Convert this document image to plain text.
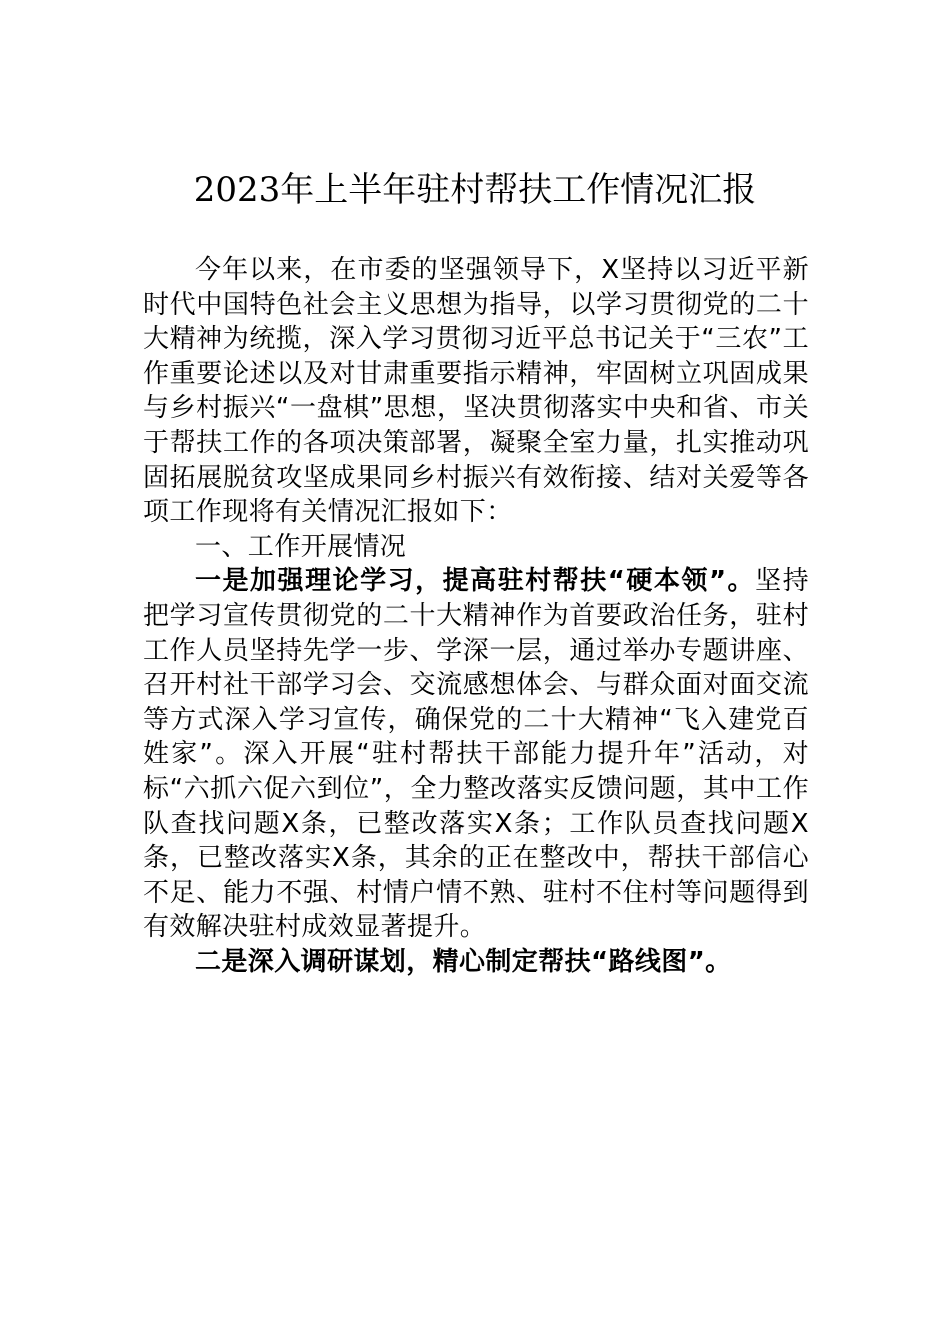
2023年上半年驻村帮扶工作情况汇报

今年以来，在市委的坚强领导下，X坚持以习近平新时代中国特色社会主义思想为指导，以学习贯彻党的二十大精神为统揽，深入学习贯彻习近平总书记关于“三农”工作重要论述以及对甘肃重要指示精神，牢固树立巩固成果与乡村振兴“一盘棋”思想，坚决贯彻落实中央和省、市关于帮扶工作的各项决策部署，凝聚全室力量，扎实推动巩固拓展脱贫攻坚成果同乡村振兴有效衔接、结对关爱等各项工作现将有关情况汇报如下：

一、工作开展情况

一是加强理论学习，提高驻村帮扶“硬本领”。坚持把学习宣传贯彻党的二十大精神作为首要政治任务，驻村工作人员坚持先学一步、学深一层，通过举办专题讲座、召开村社干部学习会、交流感想体会、与群众面对面交流等方式深入学习宣传，确保党的二十大精神“飞入建党百姓家”。深入开展“驻村帮扶干部能力提升年”活动，对标“六抓六促六到位”，全力整改落实反馈问题，其中工作队查找问题X条，已整改落实X条；工作队员查找问题X条，已整改落实X条，其余的正在整改中，帮扶干部信心不足、能力不强、村情户情不熟、驻村不住村等问题得到有效解决驻村成效显著提升。

二是深入调研谋划，精心制定帮扶“路线图”。
